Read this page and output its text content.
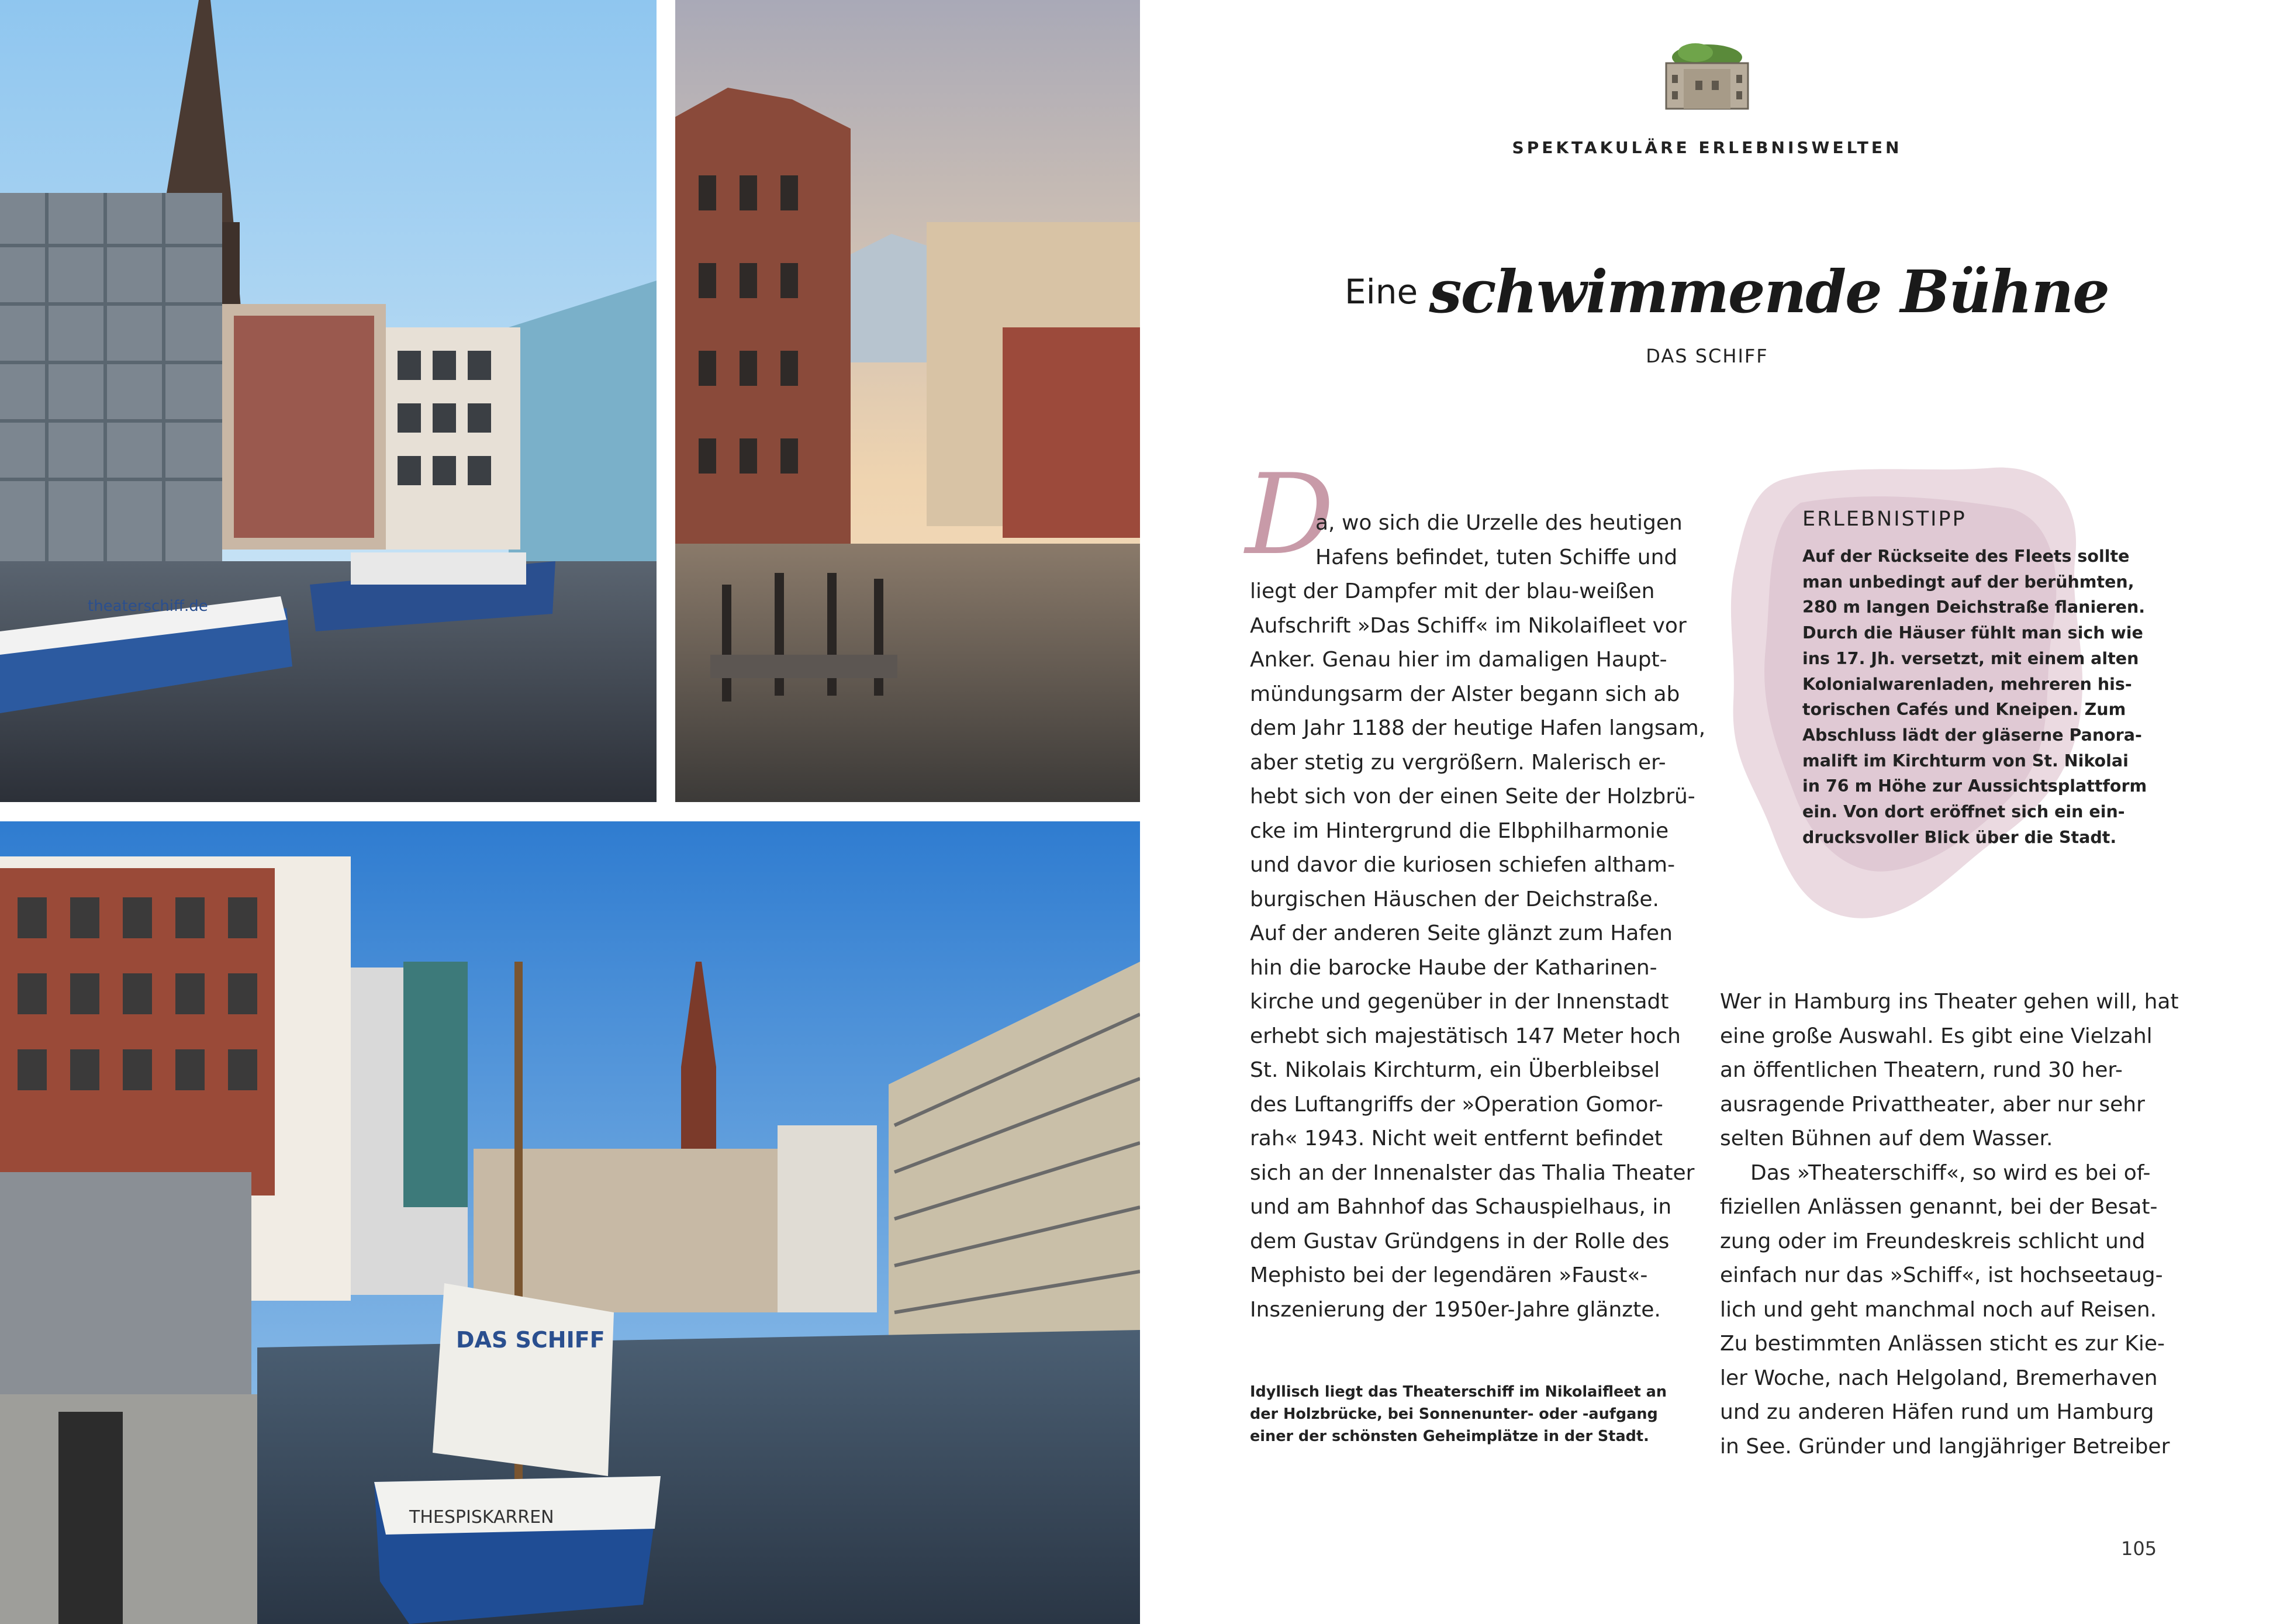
theaterschiff.de
DAS SCHIFF
THESPISKARREN
SPEKTAKULÄRE ERLEBNISWELTEN
Eine schwimmende Bühne
DAS SCHIFF
D
a, wo sich die Urzelle des heutigen
Hafens befindet, tuten Schiffe und
liegt der Dampfer mit der blau-weißen
Aufschrift »Das Schiff« im Nikolaifleet vor
Anker. Genau hier im damaligen Haupt-
mündungsarm der Alster begann sich ab
dem Jahr 1188 der heutige Hafen langsam,
aber stetig zu vergrößern. Malerisch er-
hebt sich von der einen Seite der Holzbrü-
cke im Hintergrund die Elbphilharmonie
und davor die kuriosen schiefen altham-
burgischen Häuschen der Deichstraße.
Auf der anderen Seite glänzt zum Hafen
hin die barocke Haube der Katharinen-
kirche und gegenüber in der Innenstadt
erhebt sich majestätisch 147 Meter hoch
St. Nikolais Kirchturm, ein Überbleibsel
des Luftangriffs der »Operation Gomor-
rah« 1943. Nicht weit entfernt befindet
sich an der Innenalster das Thalia Theater
und am Bahnhof das Schauspielhaus, in
dem Gustav Gründgens in der Rolle des
Mephisto bei der legendären »Faust«-
Inszenierung der 1950er-Jahre glänzte.
Idyllisch liegt das Theaterschiff im Nikolaifleet an
der Holzbrücke, bei Sonnenunter- oder -aufgang
einer der schönsten Geheimplätze in der Stadt.
ERLEBNISTIPP
Auf der Rückseite des Fleets sollte
man unbedingt auf der berühmten,
280 m langen Deichstraße flanieren.
Durch die Häuser fühlt man sich wie
ins 17. Jh. versetzt, mit einem alten
Kolonialwarenladen, mehreren his-
torischen Cafés und Kneipen. Zum
Abschluss lädt der gläserne Panora-
malift im Kirchturm von St. Nikolai
in 76 m Höhe zur Aussichtsplattform
ein. Von dort eröffnet sich ein ein-
drucksvoller Blick über die Stadt.
Wer in Hamburg ins Theater gehen will, hat
eine große Auswahl. Es gibt eine Vielzahl
an öffentlichen Theatern, rund 30 her-
ausragende Privattheater, aber nur sehr
selten Bühnen auf dem Wasser.
Das »Theaterschiff«, so wird es bei of-
fiziellen Anlässen genannt, bei der Besat-
zung oder im Freundeskreis schlicht und
einfach nur das »Schiff«, ist hochseetaug-
lich und geht manchmal noch auf Reisen.
Zu bestimmten Anlässen sticht es zur Kie-
ler Woche, nach Helgoland, Bremerhaven
und zu anderen Häfen rund um Hamburg
in See. Gründer und langjähriger Betreiber
105
